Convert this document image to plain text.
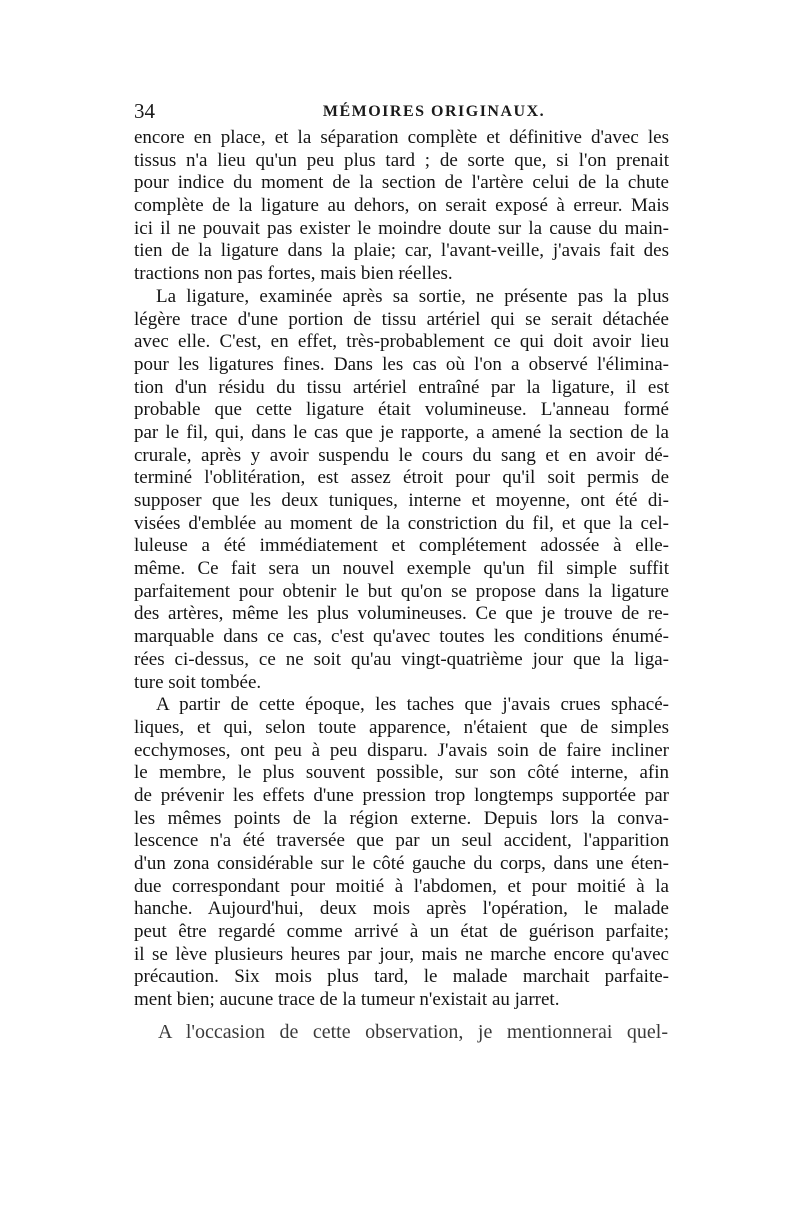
34	MÉMOIRES ORIGINAUX.
encore en place, et la séparation complète et définitive d'avec les
tissus n'a lieu qu'un peu plus tard ; de sorte que, si l'on prenait
pour indice du moment de la section de l'artère celui de la chute
complète de la ligature au dehors, on serait exposé à erreur. Mais
ici il ne pouvait pas exister le moindre doute sur la cause du main-
tien de la ligature dans la plaie; car, l'avant-veille, j'avais fait des
tractions non pas fortes, mais bien réelles.
La ligature, examinée après sa sortie, ne présente pas la plus
légère trace d'une portion de tissu artériel qui se serait détachée
avec elle. C'est, en effet, très-probablement ce qui doit avoir lieu
pour les ligatures fines. Dans les cas où l'on a observé l'élimina-
tion d'un résidu du tissu artériel entraîné par la ligature, il est
probable que cette ligature était volumineuse. L'anneau formé
par le fil, qui, dans le cas que je rapporte, a amené la section de la
crurale, après y avoir suspendu le cours du sang et en avoir dé-
terminé l'oblitération, est assez étroit pour qu'il soit permis de
supposer que les deux tuniques, interne et moyenne, ont été di-
visées d'emblée au moment de la constriction du fil, et que la cel-
luleuse a été immédiatement et complétement adossée à elle-
même. Ce fait sera un nouvel exemple qu'un fil simple suffit
parfaitement pour obtenir le but qu'on se propose dans la ligature
des artères, même les plus volumineuses. Ce que je trouve de re-
marquable dans ce cas, c'est qu'avec toutes les conditions énumé-
rées ci-dessus, ce ne soit qu'au vingt-quatrième jour que la liga-
ture soit tombée.
A partir de cette époque, les taches que j'avais crues sphacé-
liques, et qui, selon toute apparence, n'étaient que de simples
ecchymoses, ont peu à peu disparu. J'avais soin de faire incliner
le membre, le plus souvent possible, sur son côté interne, afin
de prévenir les effets d'une pression trop longtemps supportée par
les mêmes points de la région externe. Depuis lors la conva-
lescence n'a été traversée que par un seul accident, l'apparition
d'un zona considérable sur le côté gauche du corps, dans une éten-
due correspondant pour moitié à l'abdomen, et pour moitié à la
hanche. Aujourd'hui, deux mois après l'opération, le malade
peut être regardé comme arrivé à un état de guérison parfaite;
il se lève plusieurs heures par jour, mais ne marche encore qu'avec
précaution. Six mois plus tard, le malade marchait parfaite-
ment bien; aucune trace de la tumeur n'existait au jarret.
A l'occasion de cette observation, je mentionnerai quel-
